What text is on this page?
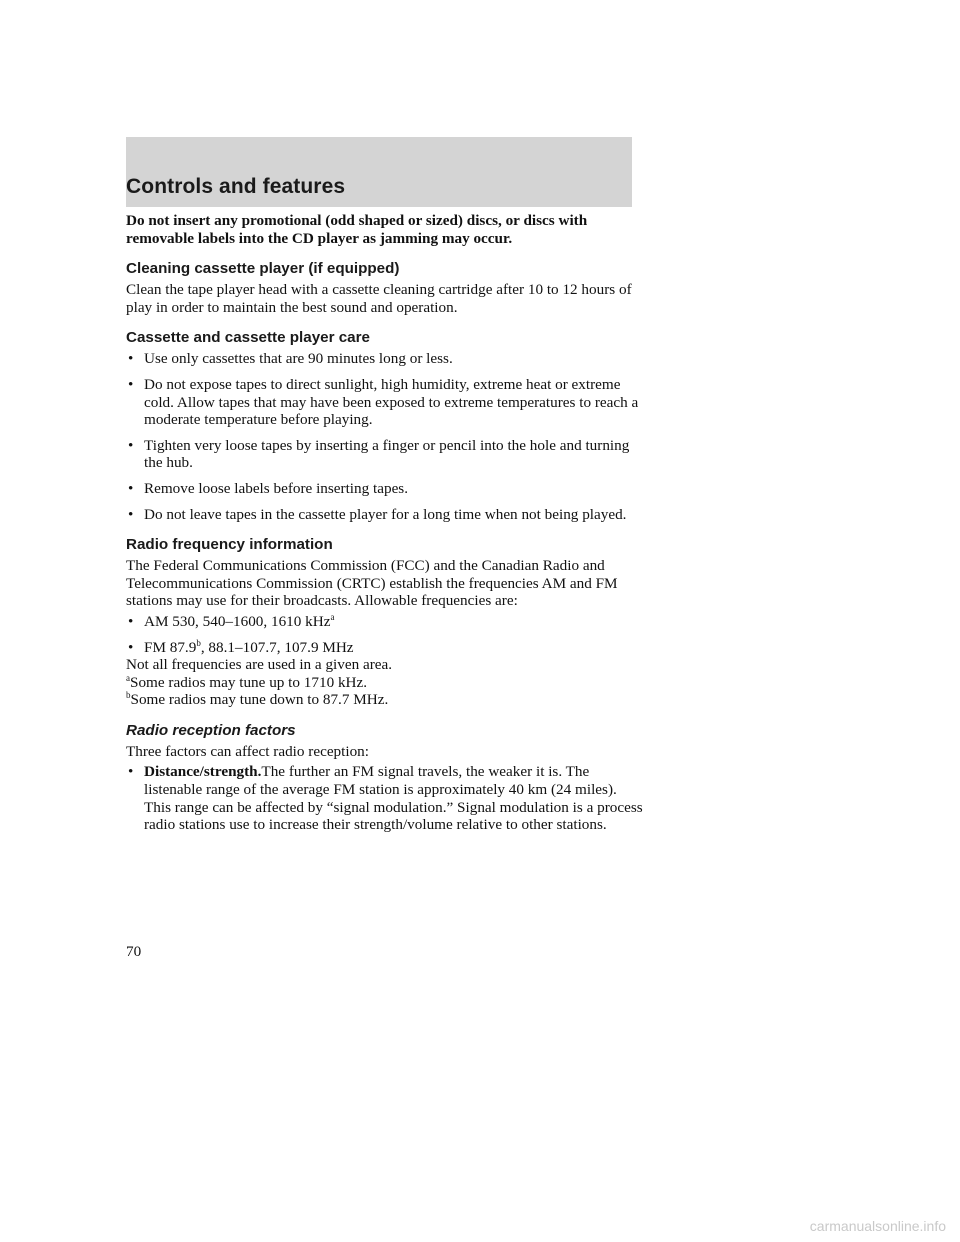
Controls and features

Do not insert any promotional (odd shaped or sized) discs, or discs with removable labels into the CD player as jamming may occur.

Cleaning cassette player (if equipped)

Clean the tape player head with a cassette cleaning cartridge after 10 to 12 hours of play in order to maintain the best sound and operation.

Cassette and cassette player care
• Use only cassettes that are 90 minutes long or less.
• Do not expose tapes to direct sunlight, high humidity, extreme heat or extreme cold. Allow tapes that may have been exposed to extreme temperatures to reach a moderate temperature before playing.
• Tighten very loose tapes by inserting a finger or pencil into the hole and turning the hub.
• Remove loose labels before inserting tapes.
• Do not leave tapes in the cassette player for a long time when not being played.
Radio frequency information

The Federal Communications Commission (FCC) and the Canadian Radio and Telecommunications Commission (CRTC) establish the frequencies AM and FM stations may use for their broadcasts. Allowable frequencies are:

• AM 530, 540–1600, 1610 kHz$^a$
• FM 87.9$^b$, 88.1–107.7, 107.9 MHz

Not all frequencies are used in a given area.

$^a$Some radios may tune up to 1710 kHz.

$^b$Some radios may tune down to 87.7 MHz.

Radio reception factors

Three factors can affect radio reception:

• Distance/strength.The further an FM signal travels, the weaker it is. The listenable range of the average FM station is approximately 40 km (24 miles). This range can be affected by “signal modulation.” Signal modulation is a process radio stations use to increase their strength/volume relative to other stations.
70
carmanualsonline.info
